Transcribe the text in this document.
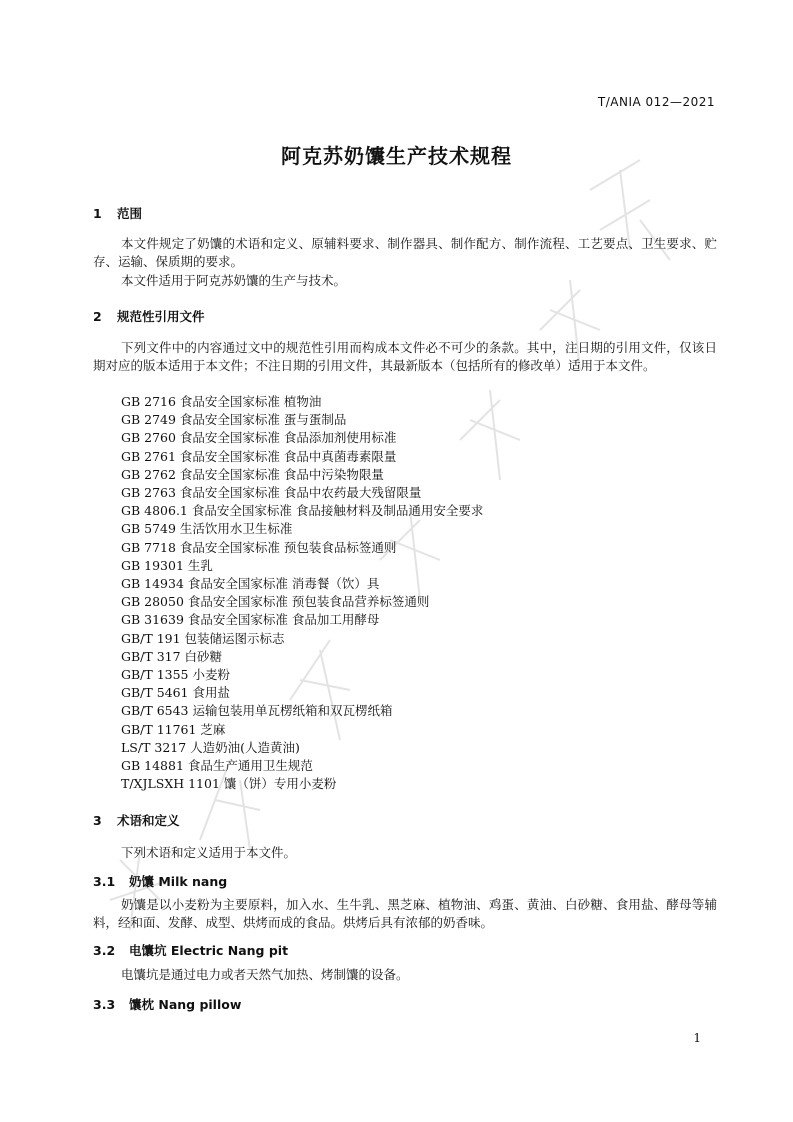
T/ANIA 012—2021
阿克苏奶馕生产技术规程
1 范围
本文件规定了奶馕的术语和定义、原辅料要求、制作器具、制作配方、制作流程、工艺要点、卫生要求、贮存、运输、保质期的要求。
本文件适用于阿克苏奶馕的生产与技术。
2 规范性引用文件
下列文件中的内容通过文中的规范性引用而构成本文件必不可少的条款。其中，注日期的引用文件，仅该日期对应的版本适用于本文件；不注日期的引用文件，其最新版本（包括所有的修改单）适用于本文件。
GB 2716 食品安全国家标准 植物油
GB 2749 食品安全国家标准 蛋与蛋制品
GB 2760 食品安全国家标准 食品添加剂使用标准
GB 2761 食品安全国家标准 食品中真菌毒素限量
GB 2762 食品安全国家标准 食品中污染物限量
GB 2763 食品安全国家标准 食品中农药最大残留限量
GB 4806.1 食品安全国家标准 食品接触材料及制品通用安全要求
GB 5749 生活饮用水卫生标准
GB 7718 食品安全国家标准 预包装食品标签通则
GB 19301 生乳
GB 14934 食品安全国家标准 消毒餐（饮）具
GB 28050 食品安全国家标准 预包装食品营养标签通则
GB 31639 食品安全国家标准 食品加工用酵母
GB/T 191 包装储运图示标志
GB/T 317 白砂糖
GB/T 1355 小麦粉
GB/T 5461 食用盐
GB/T 6543 运输包装用单瓦楞纸箱和双瓦楞纸箱
GB/T 11761 芝麻
LS/T 3217 人造奶油(人造黄油)
GB 14881 食品生产通用卫生规范
T/XJLSXH 1101 馕（饼）专用小麦粉
3 术语和定义
下列术语和定义适用于本文件。
3.1 奶馕 Milk nang
奶馕是以小麦粉为主要原料，加入水、生牛乳、黑芝麻、植物油、鸡蛋、黄油、白砂糖、食用盐、酵母等辅料，经和面、发酵、成型、烘烤而成的食品。烘烤后具有浓郁的奶香味。
3.2 电馕坑 Electric Nang pit
电馕坑是通过电力或者天然气加热、烤制馕的设备。
3.3 馕枕 Nang pillow
1
